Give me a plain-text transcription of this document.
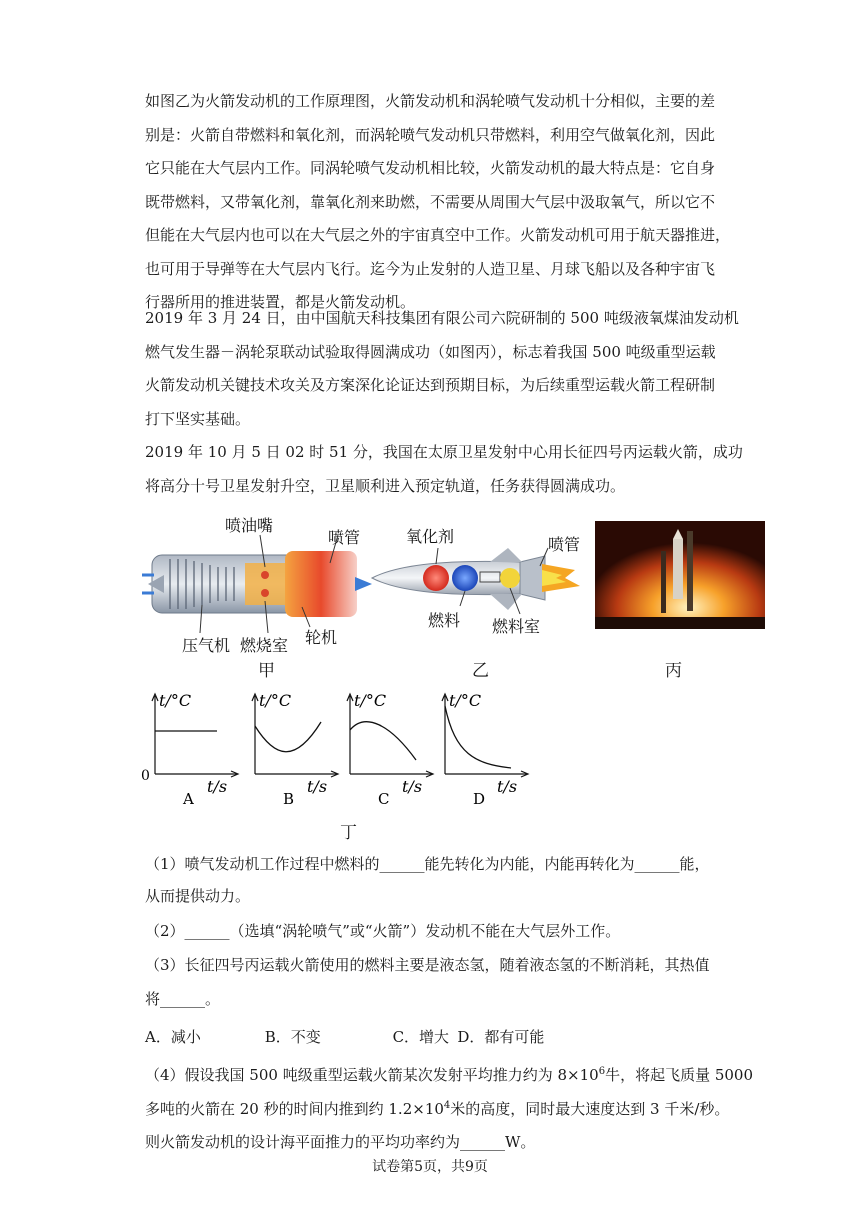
如图乙为火箭发动机的工作原理图，火箭发动机和涡轮喷气发动机十分相似，主要的差
别是：火箭自带燃料和氧化剂，而涡轮喷气发动机只带燃料，利用空气做氧化剂，因此
它只能在大气层内工作。同涡轮喷气发动机相比较，火箭发动机的最大特点是：它自身
既带燃料，又带氧化剂，靠氧化剂来助燃，不需要从周围大气层中汲取氧气，所以它不
但能在大气层内也可以在大气层之外的宇宙真空中工作。火箭发动机可用于航天器推进，
也可用于导弹等在大气层内飞行。迄今为止发射的人造卫星、月球飞船以及各种宇宙飞
行器所用的推进装置，都是火箭发动机。
2019 年 3 月 24 日，由中国航天科技集团有限公司六院研制的 500 吨级液氧煤油发动机
燃气发生器－涡轮泵联动试验取得圆满成功（如图丙），标志着我国 500 吨级重型运载
火箭发动机关键技术攻关及方案深化论证达到预期目标，为后续重型运载火箭工程研制
打下坚实基础。
2019 年 10 月 5 日 02 时 51 分，我国在太原卫星发射中心用长征四号丙运载火箭，成功
将高分十号卫星发射升空，卫星顺利进入预定轨道，任务获得圆满成功。
喷油嘴
喷管
压气机 燃烧室 轮机
甲
氧化剂	喷管
燃料 燃料室
乙	丙
t/°C
t/s
0
A
t/°C
t/s
B
t/°C
t/s
C
t/°C
t/s
D
丁

（1）喷气发动机工作过程中燃料的______能先转化为内能，内能再转化为______能，

从而提供动力。

（2）______（选填“涡轮喷气”或“火箭”）发动机不能在大气层外工作。

（3）长征四号丙运载火箭使用的燃料主要是液态氢，随着液态氢的不断消耗，其热值

将______。

A．减小	B．不变	C．增大 D．都有可能

（4）假设我国 500 吨级重型运载火箭某次发射平均推力约为 $8\times 10^6$牛，将起飞质量 5000

多吨的火箭在 20 秒的时间内推到约 $1.2\times 10^4$米的高度，同时最大速度达到 3 千米/秒。

则火箭发动机的设计海平面推力的平均功率约为______W。

试卷第5页，共9页
